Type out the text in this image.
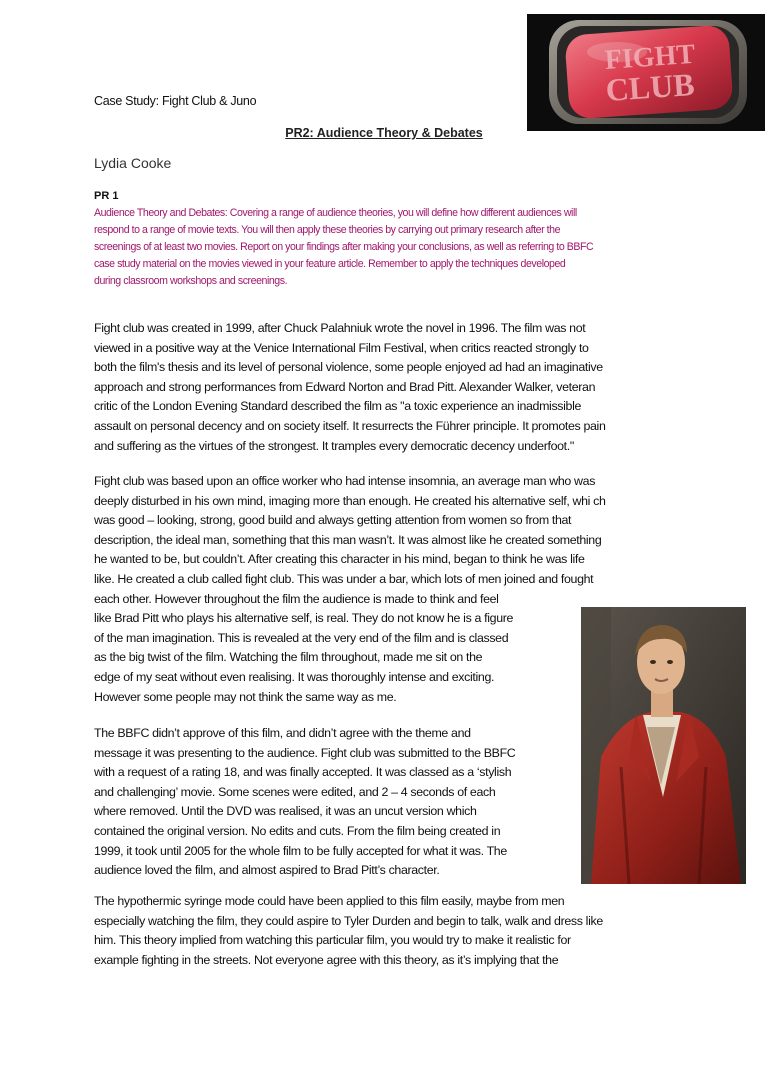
FIGHT
CLUB
Case Study: Fight Club & Juno
PR2: Audience Theory & Debates
Lydia Cooke
PR 1
Audience Theory and Debates: Covering a range of audience theories, you will define how different audiences will
respond to a range of movie texts. You will then apply these theories by carrying out primary research after the
screenings of at least two movies. Report on your findings after making your conclusions, as well as referring to BBFC
case study material on the movies viewed in your feature article. Remember to apply the techniques developed
during classroom workshops and screenings.
Fight club was created in 1999, after Chuck Palahniuk wrote the novel in 1996. The film was not
viewed in a positive way at the Venice International Film Festival, when critics reacted strongly to
both the film's thesis and its level of personal violence, some people enjoyed ad had an imaginative
approach and strong performances from Edward Norton and Brad Pitt. Alexander Walker, veteran
critic of the London Evening Standard described the film as "a toxic experience an inadmissible
assault on personal decency and on society itself. It resurrects the Führer principle. It promotes pain
and suffering as the virtues of the strongest. It tramples every democratic decency underfoot."
Fight club was based upon an office worker who had intense insomnia, an average man who was
deeply disturbed in his own mind, imaging more than enough. He created his alternative self, whi ch
was good – looking, strong, good build and always getting attention from women so from that
description, the ideal man, something that this man wasn’t. It was almost like he created something
he wanted to be, but couldn’t. After creating this character in his mind, began to think he was life
like. He created a club called fight club. This was under a bar, which lots of men joined and fought
each other. However throughout the film the audience is made to think and feel
like Brad Pitt who plays his alternative self, is real. They do not know he is a figure
of the man imagination. This is revealed at the very end of the film and is classed
as the big twist of the film. Watching the film throughout, made me sit on the
edge of my seat without even realising. It was thoroughly intense and exciting.
However some people may not think the same way as me.
The BBFC didn’t approve of this film, and didn’t agree with the theme and
message it was presenting to the audience. Fight club was submitted to the BBFC
with a request of a rating 18, and was finally accepted. It was classed as a ‘stylish
and challenging’ movie. Some scenes were edited, and 2 – 4 seconds of each
where removed. Until the DVD was realised, it was an uncut version which
contained the original version. No edits and cuts. From the film being created in
1999, it took until 2005 for the whole film to be fully accepted for what it was. The
audience loved the film, and almost aspired to Brad Pitt’s character.
The hypothermic syringe mode could have been applied to this film easily, maybe from men
especially watching the film, they could aspire to Tyler Durden and begin to talk, walk and dress like
him. This theory implied from watching this particular film, you would try to make it realistic for
example fighting in the streets. Not everyone agree with this theory, as it’s implying that the
